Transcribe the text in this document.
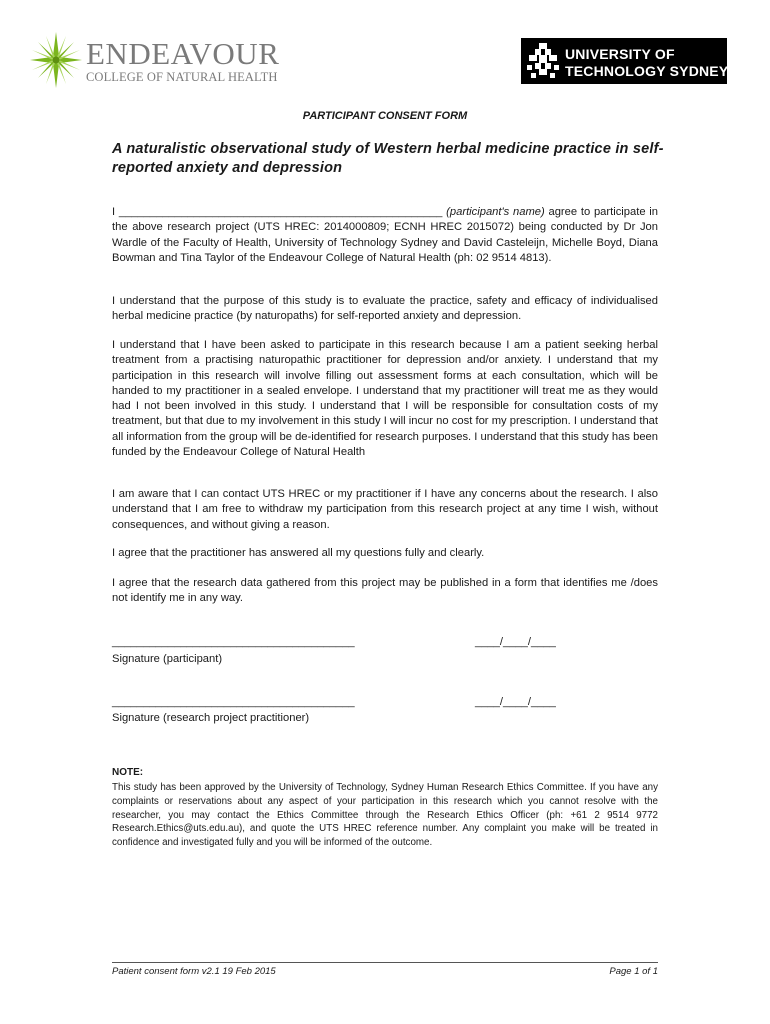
ENDEAVOUR
COLLEGE OF NATURAL HEALTH
UNIVERSITY OF
TECHNOLOGY SYDNEY
PARTICIPANT CONSENT FORM
A naturalistic observational study of Western herbal medicine practice in self-reported anxiety and depression

I ____________________________________________________ (participant's name) agree to participate in the above research project (UTS HREC: 2014000809; ECNH HREC 2015072) being conducted by Dr Jon Wardle of the Faculty of Health, University of Technology Sydney and David Casteleijn, Michelle Boyd, Diana Bowman and Tina Taylor of the Endeavour College of Natural Health (ph: 02 9514 4813).

I understand that the purpose of this study is to evaluate the practice, safety and efficacy of individualised herbal medicine practice (by naturopaths) for self-reported anxiety and depression.

I understand that I have been asked to participate in this research because I am a patient seeking herbal treatment from a practising naturopathic practitioner for depression and/or anxiety. I understand that my participation in this research will involve filling out assessment forms at each consultation, which will be handed to my practitioner in a sealed envelope. I understand that my practitioner will treat me as they would had I not been involved in this study. I understand that I will be responsible for consultation costs of my treatment, but that due to my involvement in this study I will incur no cost for my prescription. I understand that all information from the group will be de-identified for research purposes. I understand that this study has been funded by the Endeavour College of Natural Health

I am aware that I can contact UTS HREC or my practitioner if I have any concerns about the research. I also understand that I am free to withdraw my participation from this research project at any time I wish, without consequences, and without giving a reason.

I agree that the practitioner has answered all my questions fully and clearly.

I agree that the research data gathered from this project may be published in a form that identifies me /does not identify me in any way.

_______________________________________	____/____/____
Signature (participant)
_______________________________________	____/____/____
Signature (research project practitioner)

NOTE:

This study has been approved by the University of Technology, Sydney Human Research Ethics Committee. If you have any complaints or reservations about any aspect of your participation in this research which you cannot resolve with the researcher, you may contact the Ethics Committee through the Research Ethics Officer (ph: +61 2 9514 9772 Research.Ethics@uts.edu.au), and quote the UTS HREC reference number. Any complaint you make will be treated in confidence and investigated fully and you will be informed of the outcome.

Patient consent form v2.1 19 Feb 2015	Page 1 of 1
